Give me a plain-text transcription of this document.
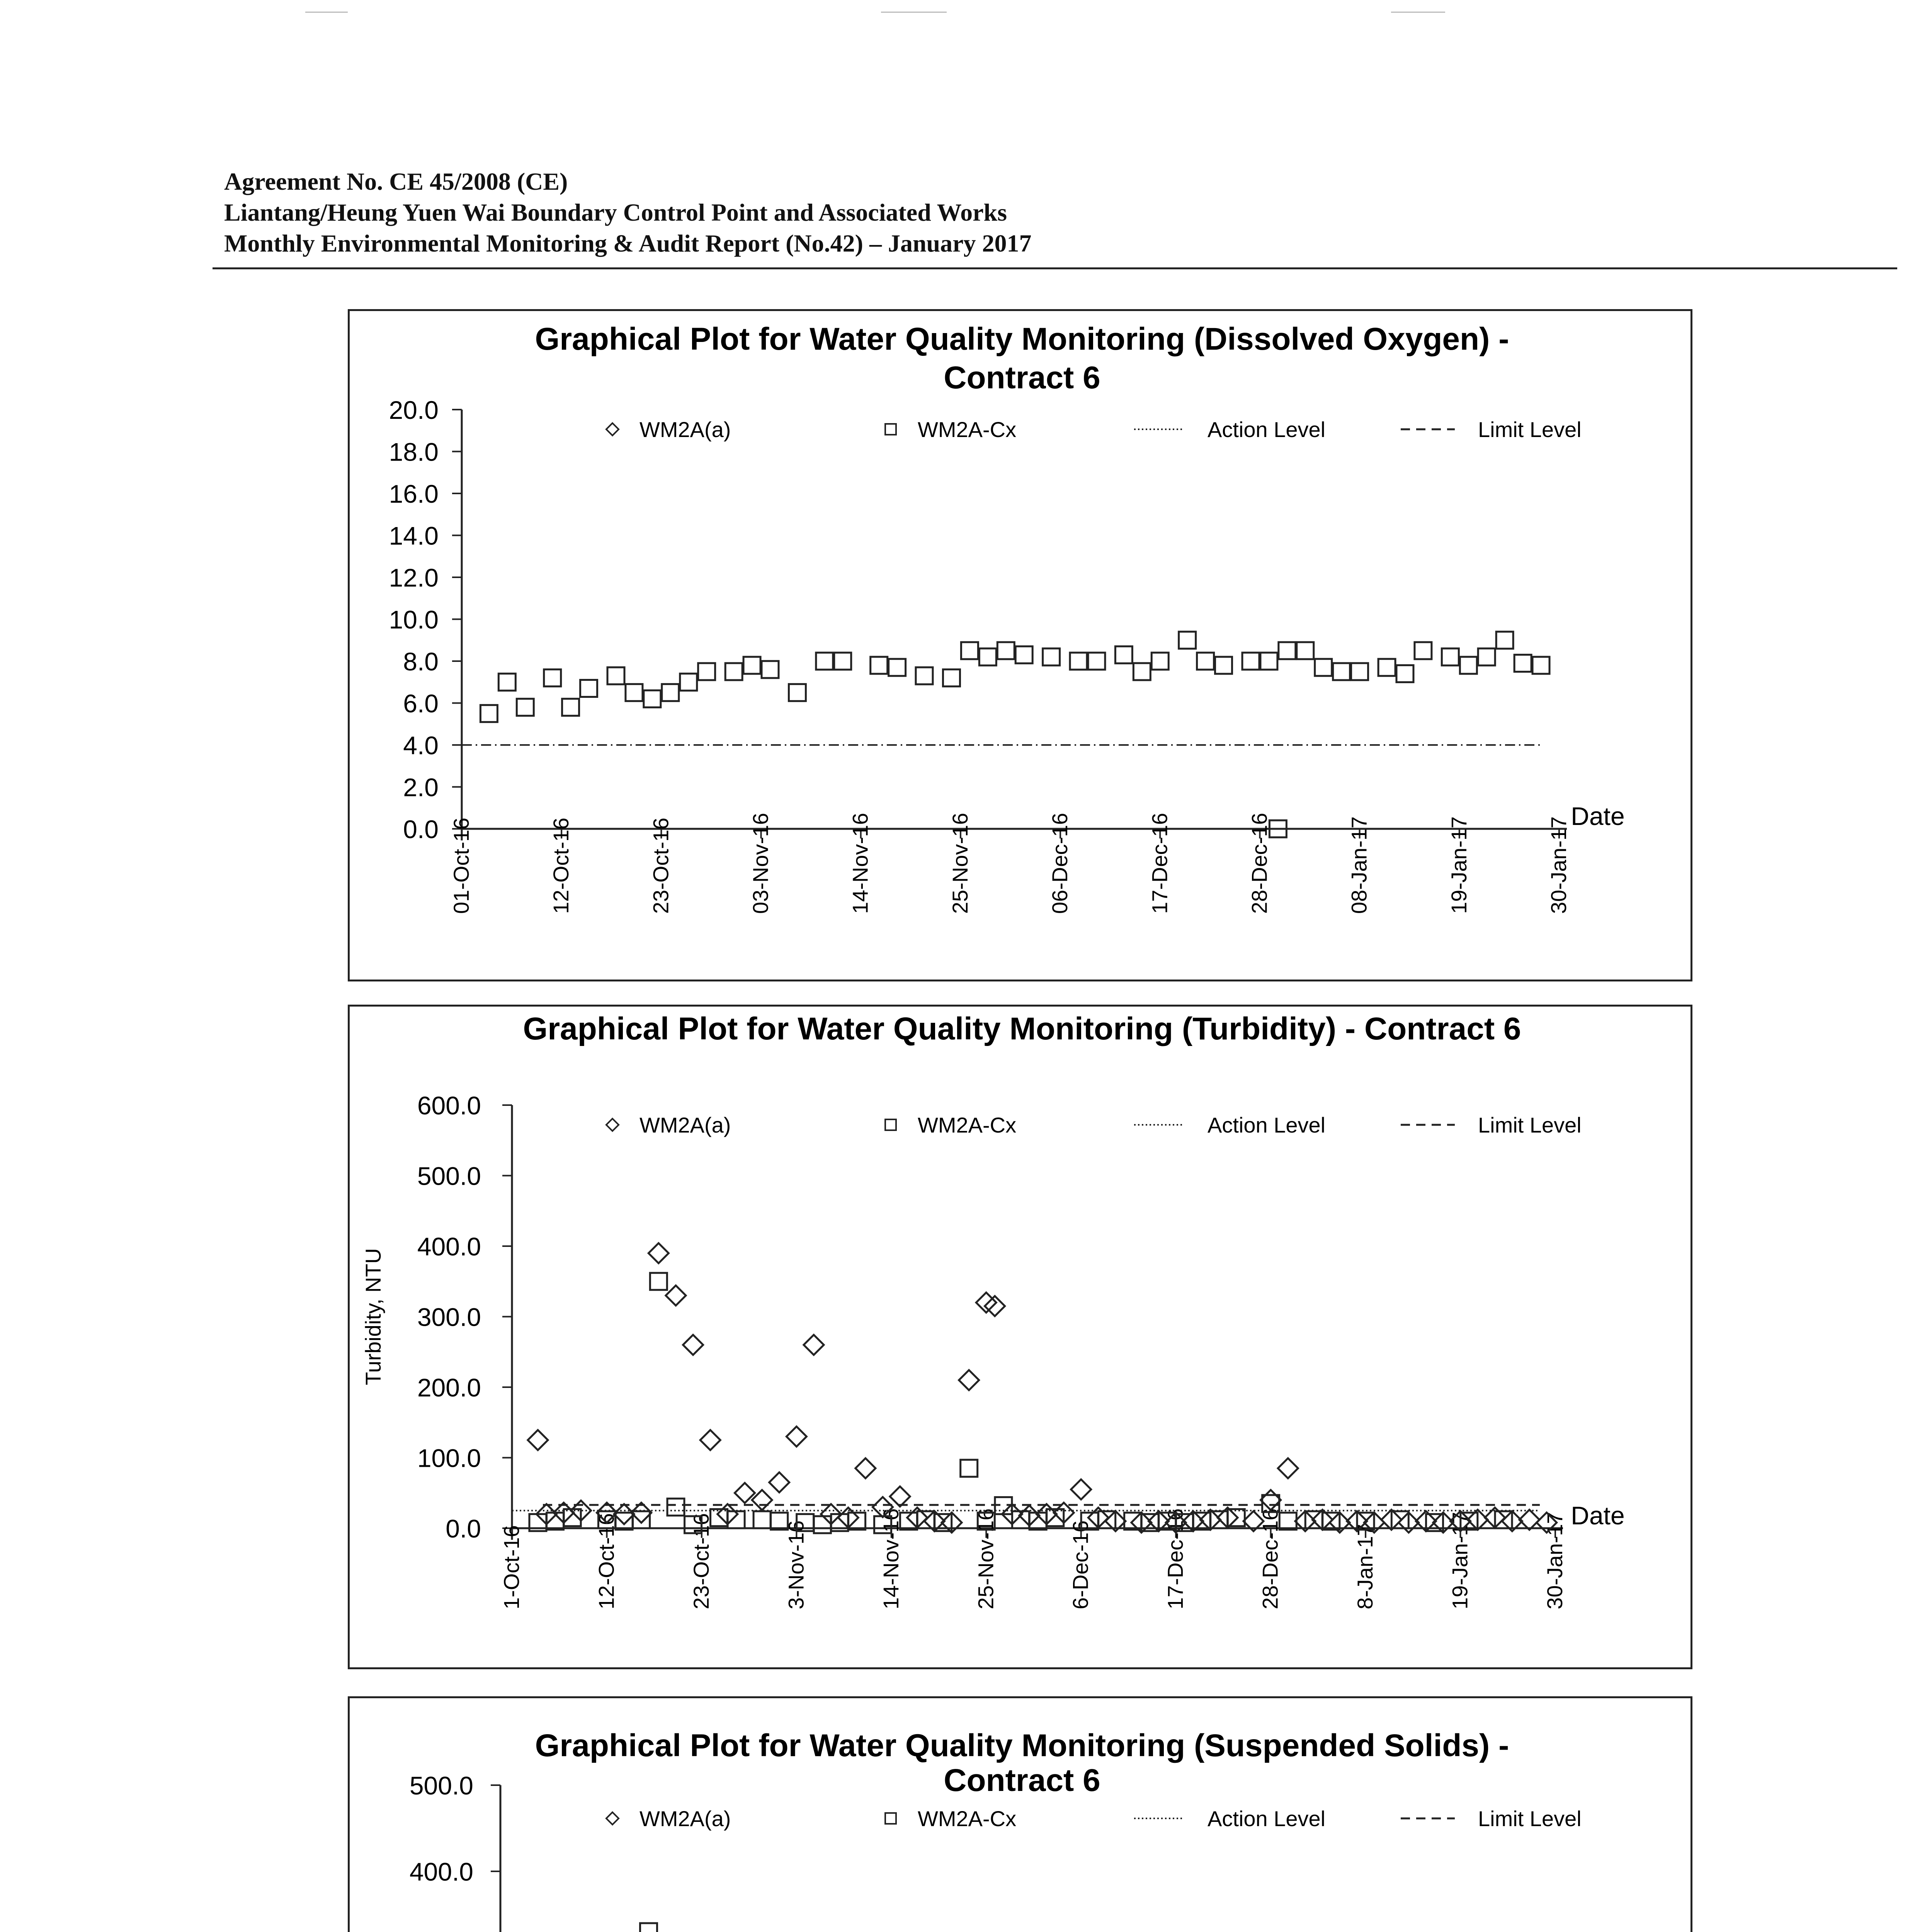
Agreement No. CE 45/2008 (CE)
Liantang/Heung Yuen Wai Boundary Control Point and Associated Works
Monthly Environmental Monitoring & Audit Report (No.42) – January 2017
Graphical Plot for Water Quality Monitoring (Dissolved Oxygen) -
Contract 6
0.0
2.0
4.0
6.0
8.0
10.0
12.0
14.0
16.0
18.0
20.0
01-Oct-16	12-Oct-16	23-Oct-16	03-Nov-16	14-Nov-16	25-Nov-16	06-Dec-16	17-Dec-16	28-Dec-16	08-Jan-17	19-Jan-17	30-Jan-17
Date
WM2A(a)	WM2A-Cx	Action Level	Limit Level
Graphical Plot for Water Quality Monitoring (Turbidity) - Contract 6
0.0
100.0
200.0
300.0
400.0
500.0
600.0
Turbidity, NTU
1-Oct-16	12-Oct-16	23-Oct-16	3-Nov-16	14-Nov-16	25-Nov-16	6-Dec-16	17-Dec-16	28-Dec-16	8-Jan-17	19-Jan-17	30-Jan-17 Date
WM2A(a)	WM2A-Cx	Action Level	Limit Level
Graphical Plot for Water Quality Monitoring (Suspended Solids) -
Contract 6
400.0
500.0
WM2A(a)	WM2A-Cx	Action Level	Limit Level
